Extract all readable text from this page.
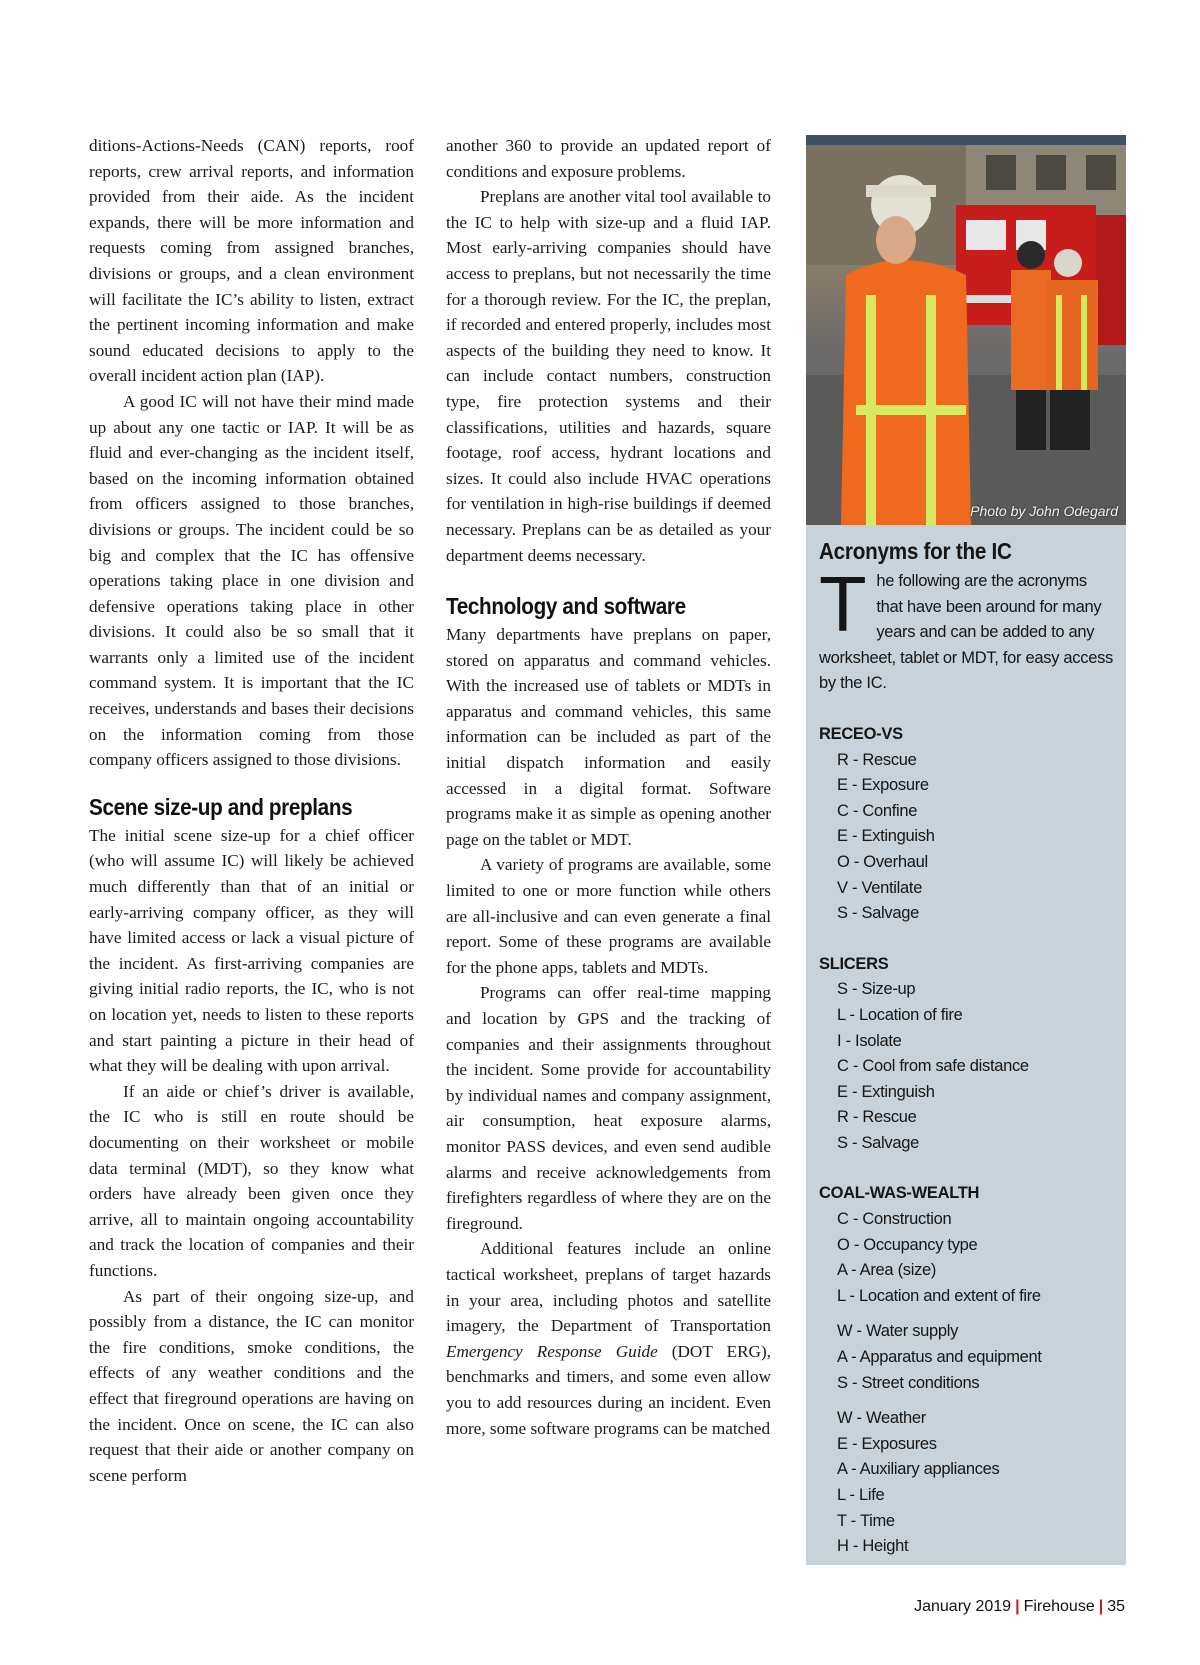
ditions-Actions-Needs (CAN) reports, roof reports, crew arrival reports, and information provided from their aide. As the incident expands, there will be more information and requests coming from assigned branches, divisions or groups, and a clean environment will facilitate the IC’s ability to listen, extract the pertinent incoming information and make sound educated decisions to apply to the overall incident action plan (IAP).

A good IC will not have their mind made up about any one tactic or IAP. It will be as fluid and ever-changing as the incident itself, based on the incoming information obtained from officers assigned to those branches, divisions or groups. The incident could be so big and complex that the IC has offensive operations taking place in one division and defensive operations taking place in other divisions. It could also be so small that it warrants only a limited use of the incident command system. It is important that the IC receives, understands and bases their decisions on the information coming from those company officers assigned to those divisions.

Scene size-up and preplans

The initial scene size-up for a chief officer (who will assume IC) will likely be achieved much differently than that of an initial or early-arriving company officer, as they will have limited access or lack a visual picture of the incident. As first-arriving companies are giving initial radio reports, the IC, who is not on location yet, needs to listen to these reports and start painting a picture in their head of what they will be dealing with upon arrival.

If an aide or chief’s driver is available, the IC who is still en route should be documenting on their worksheet or mobile data terminal (MDT), so they know what orders have already been given once they arrive, all to maintain ongoing accountability and track the location of companies and their functions.

As part of their ongoing size-up, and possibly from a distance, the IC can monitor the fire conditions, smoke conditions, the effects of any weather conditions and the effect that fireground operations are having on the incident. Once on scene, the IC can also request that their aide or another company on scene perform

another 360 to provide an updated report of conditions and exposure problems.

Preplans are another vital tool available to the IC to help with size-up and a fluid IAP. Most early-arriving companies should have access to preplans, but not necessarily the time for a thorough review. For the IC, the preplan, if recorded and entered properly, includes most aspects of the building they need to know. It can include contact numbers, construction type, fire protection systems and their classifications, utilities and hazards, square footage, roof access, hydrant locations and sizes. It could also include HVAC operations for ventilation in high-rise buildings if deemed necessary. Preplans can be as detailed as your department deems necessary.

Technology and software

Many departments have preplans on paper, stored on apparatus and command vehicles. With the increased use of tablets or MDTs in apparatus and command vehicles, this same information can be included as part of the initial dispatch information and easily accessed in a digital format. Software programs make it as simple as opening another page on the tablet or MDT.

A variety of programs are available, some limited to one or more function while others are all-inclusive and can even generate a final report. Some of these programs are available for the phone apps, tablets and MDTs.

Programs can offer real-time mapping and location by GPS and the tracking of companies and their assignments throughout the incident. Some provide for accountability by individual names and company assignment, air consumption, heat exposure alarms, monitor PASS devices, and even send audible alarms and receive acknowledgements from firefighters regardless of where they are on the fireground.

Additional features include an online tactical worksheet, preplans of target hazards in your area, including photos and satellite imagery, the Department of Transportation Emergency Response Guide (DOT ERG), benchmarks and timers, and some even allow you to add resources during an incident. Even more, some software programs can be matched

Photo by John Odegard
Acronyms for the IC

The following are the acronyms that have been around for many years and can be added to any worksheet, tablet or MDT, for easy access by the IC.

RECEO-VS

R - Rescue
E - Exposure
C - Confine
E - Extinguish
O - Overhaul
V - Ventilate
S - Salvage

SLICERS

S - Size-up
L - Location of fire
I - Isolate
C - Cool from safe distance
E - Extinguish
R - Rescue
S - Salvage

COAL-WAS-WEALTH

C - Construction
O - Occupancy type
A - Area (size)
L - Location and extent of fire
W - Water supply
A - Apparatus and equipment
S - Street conditions
W - Weather
E - Exposures
A - Auxiliary appliances
L - Life
T - Time
H - Height
January 2019 | Firehouse | 35
